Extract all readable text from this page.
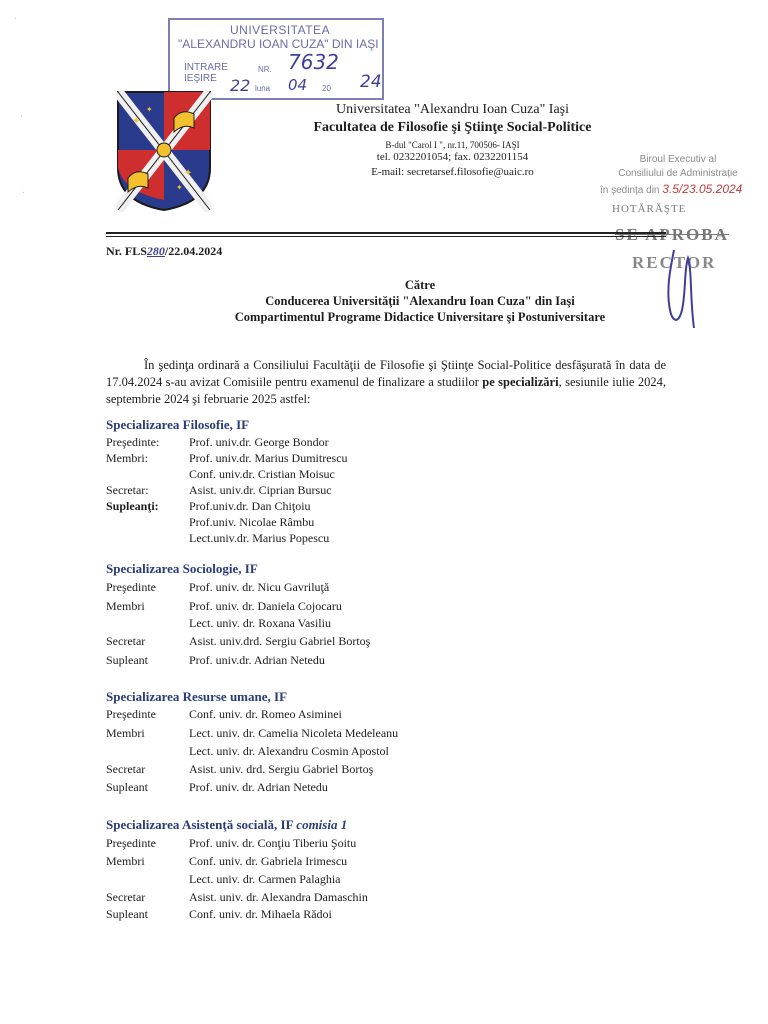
·
·
·
UNIVERSITATEA
"ALEXANDRU IOAN CUZA" DIN IAŞI
INTRARE
IEŞIRE
NR. 7632
22 luna 04 20 24
✦
✦
✦
✦
Universitatea "Alexandru Ioan Cuza" Iaşi
Facultatea de Filosofie şi Ştiinţe Social-Politice
B-dul "Carol I ", nr.11, 700506- IAŞI
tel. 0232201054; fax. 0232201154
E-mail: secretarsef.filosofie@uaic.ro
Biroul Executiv al
Consiliului de Administrație
în ședința din 3.5/23.05.2024
HOTĂRĂŞTE
SE APROBA
RECTOR
Nr. FLS280/22.04.2024
Către
Conducerea Universităţii "Alexandru Ioan Cuza" din Iaşi
Compartimentul Programe Didactice Universitare şi Postuniversitare
În şedinţa ordinară a Consiliului Facultăţii de Filosofie şi Ştiinţe Social-Politice desfăşurată în data de 17.04.2024 s-au avizat Comisiile pentru examenul de finalizare a studiilor pe specializări, sesiunile iulie 2024, septembrie 2024 şi februarie 2025 astfel:
Specializarea Filosofie, IF
Preşedinte: Prof. univ.dr. George Bondor
Membri:	Prof. univ.dr. Marius Dumitrescu
Conf. univ.dr. Cristian Moisuc
Secretar:	Asist. univ.dr. Ciprian Bursuc
Supleanţi:	Prof.univ.dr. Dan Chiţoiu
Prof.univ. Nicolae Râmbu
Lect.univ.dr. Marius Popescu
Specializarea Sociologie, IF
Preşedinte	Prof. univ. dr. Nicu Gavriluţă
Membri	Prof. univ. dr. Daniela Cojocaru
Lect. univ. dr. Roxana Vasiliu
Secretar	Asist. univ.drd. Sergiu Gabriel Bortoş
Supleant	Prof. univ.dr. Adrian Netedu
Specializarea Resurse umane, IF
Preşedinte	Conf. univ. dr. Romeo Asiminei
Membri	Lect. univ. dr. Camelia Nicoleta Medeleanu
Lect. univ. dr. Alexandru Cosmin Apostol
Secretar	Asist. univ. drd. Sergiu Gabriel Bortoş
Supleant	Prof. univ. dr. Adrian Netedu
Specializarea Asistenţă socială, IF comisia 1
Preşedinte	Prof. univ. dr. Conţiu Tiberiu Şoitu
Membri	Conf. univ. dr. Gabriela Irimescu
Lect. univ. dr. Carmen Palaghia
Secretar	Asist. univ. dr. Alexandra Damaschin
Supleant	Conf. univ. dr. Mihaela Rădoi
